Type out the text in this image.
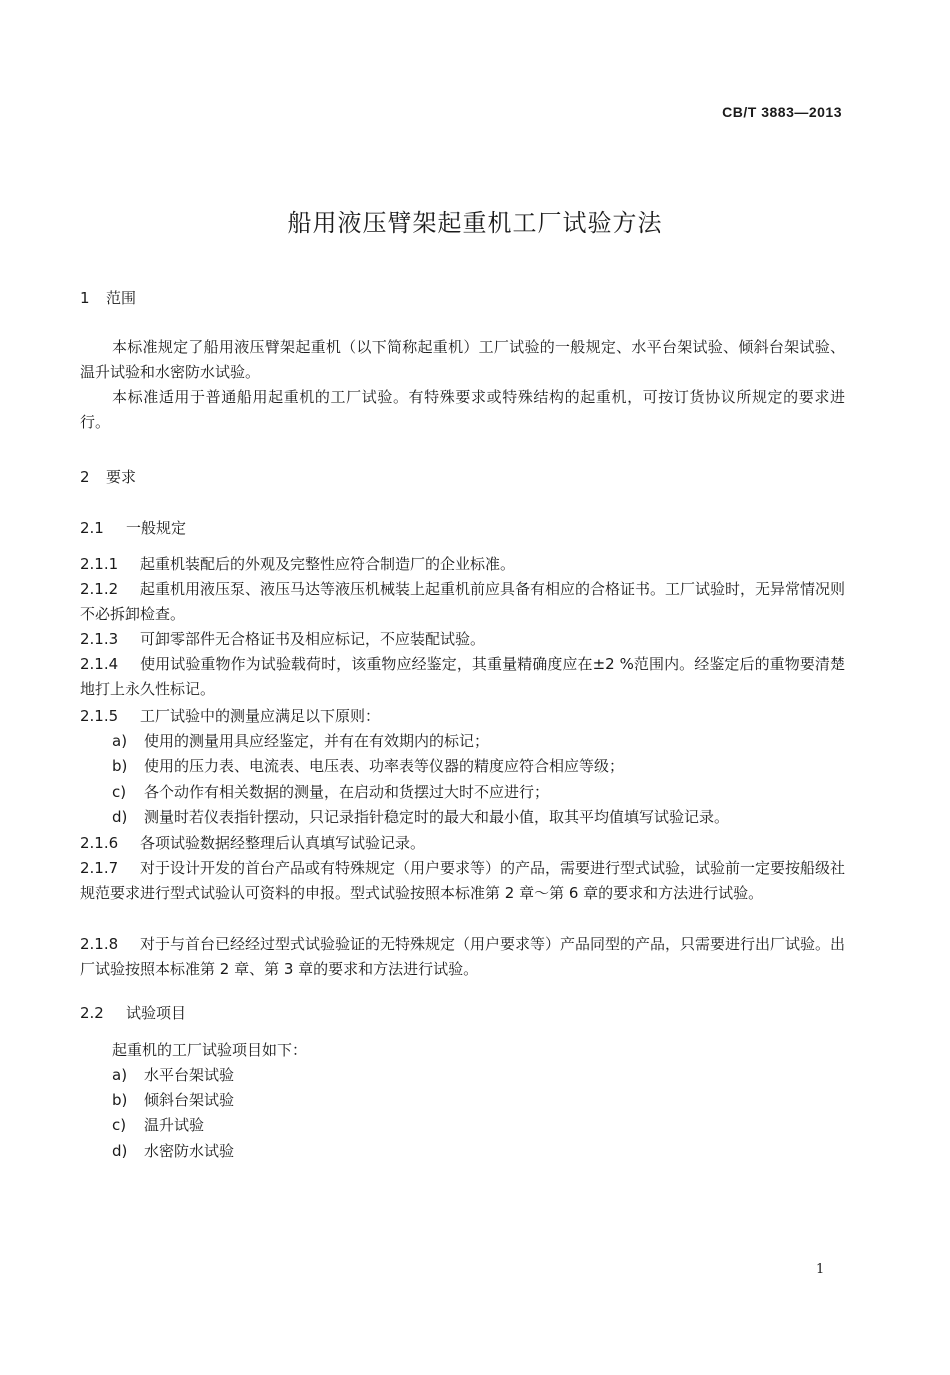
CB/T 3883—2013
船用液压臂架起重机工厂试验方法
1 范围
本标准规定了船用液压臂架起重机（以下简称起重机）工厂试验的一般规定、水平台架试验、倾斜台架试验、温升试验和水密防水试验。
本标准适用于普通船用起重机的工厂试验。有特殊要求或特殊结构的起重机，可按订货协议所规定的要求进行。
2 要求
2.1 一般规定
2.1.1 起重机装配后的外观及完整性应符合制造厂的企业标准。
2.1.2 起重机用液压泵、液压马达等液压机械装上起重机前应具备有相应的合格证书。工厂试验时，无异常情况则不必拆卸检查。
2.1.3 可卸零部件无合格证书及相应标记，不应装配试验。
2.1.4 使用试验重物作为试验载荷时，该重物应经鉴定，其重量精确度应在±2 %范围内。经鉴定后的重物要清楚地打上永久性标记。
2.1.5 工厂试验中的测量应满足以下原则：
a) 使用的测量用具应经鉴定，并有在有效期内的标记；
b) 使用的压力表、电流表、电压表、功率表等仪器的精度应符合相应等级；
c) 各个动作有相关数据的测量，在启动和货摆过大时不应进行；
d) 测量时若仪表指针摆动，只记录指针稳定时的最大和最小值，取其平均值填写试验记录。
2.1.6 各项试验数据经整理后认真填写试验记录。
2.1.7 对于设计开发的首台产品或有特殊规定（用户要求等）的产品，需要进行型式试验，试验前一定要按船级社规范要求进行型式试验认可资料的申报。型式试验按照本标准第 2 章～第 6 章的要求和方法进行试验。
2.1.8 对于与首台已经经过型式试验验证的无特殊规定（用户要求等）产品同型的产品，只需要进行出厂试验。出厂试验按照本标准第 2 章、第 3 章的要求和方法进行试验。
2.2 试验项目
起重机的工厂试验项目如下：
a) 水平台架试验
b) 倾斜台架试验
c) 温升试验
d) 水密防水试验
1
